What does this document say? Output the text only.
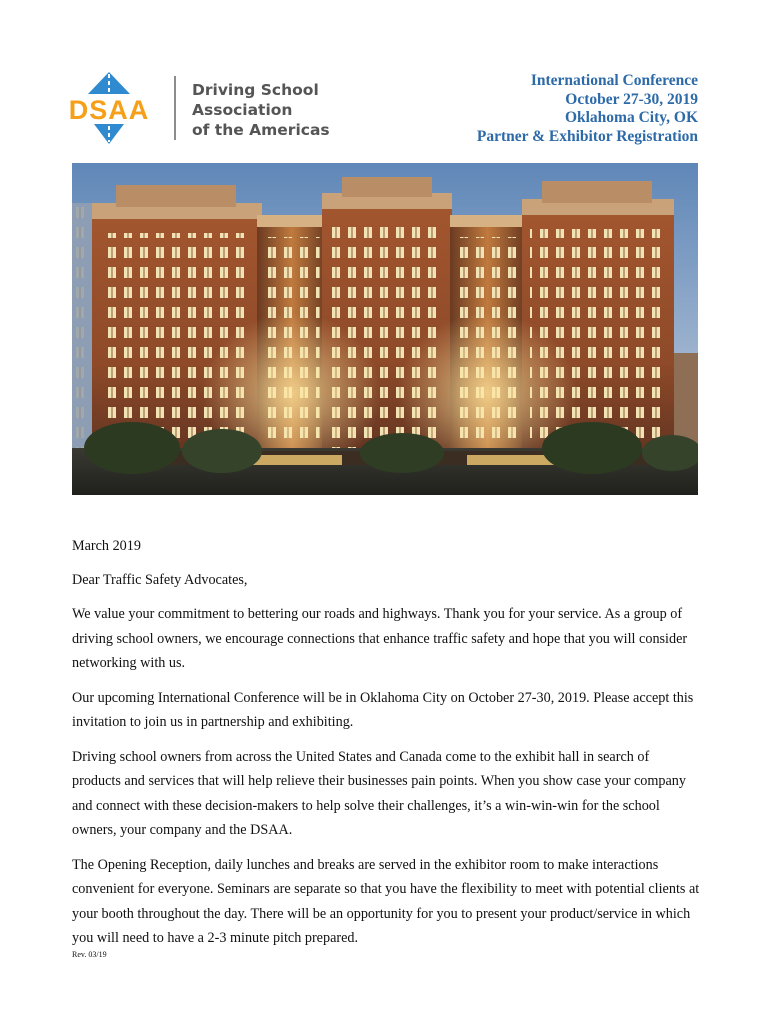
DSAA
Driving School
Association
of the Americas
International Conference
October 27-30, 2019
Oklahoma City, OK
Partner & Exhibitor Registration

March 2019

Dear Traffic Safety Advocates,

We value your commitment to bettering our roads and highways. Thank you for your service. As a group of driving school owners, we encourage connections that enhance traffic safety and hope that you will consider networking with us.

Our upcoming International Conference will be in Oklahoma City on October 27-30, 2019. Please accept this invitation to join us in partnership and exhibiting.

Driving school owners from across the United States and Canada come to the exhibit hall in search of products and services that will help relieve their businesses pain points. When you show case your company and connect with these decision-makers to help solve their challenges, it’s a win-win-win for the school owners, your company and the DSAA.

The Opening Reception, daily lunches and breaks are served in the exhibitor room to make interactions convenient for everyone. Seminars are separate so that you have the flexibility to meet with potential clients at your booth throughout the day. There will be an opportunity for you to present your product/service in which you will need to have a 2-3 minute pitch prepared.

Rev. 03/19
